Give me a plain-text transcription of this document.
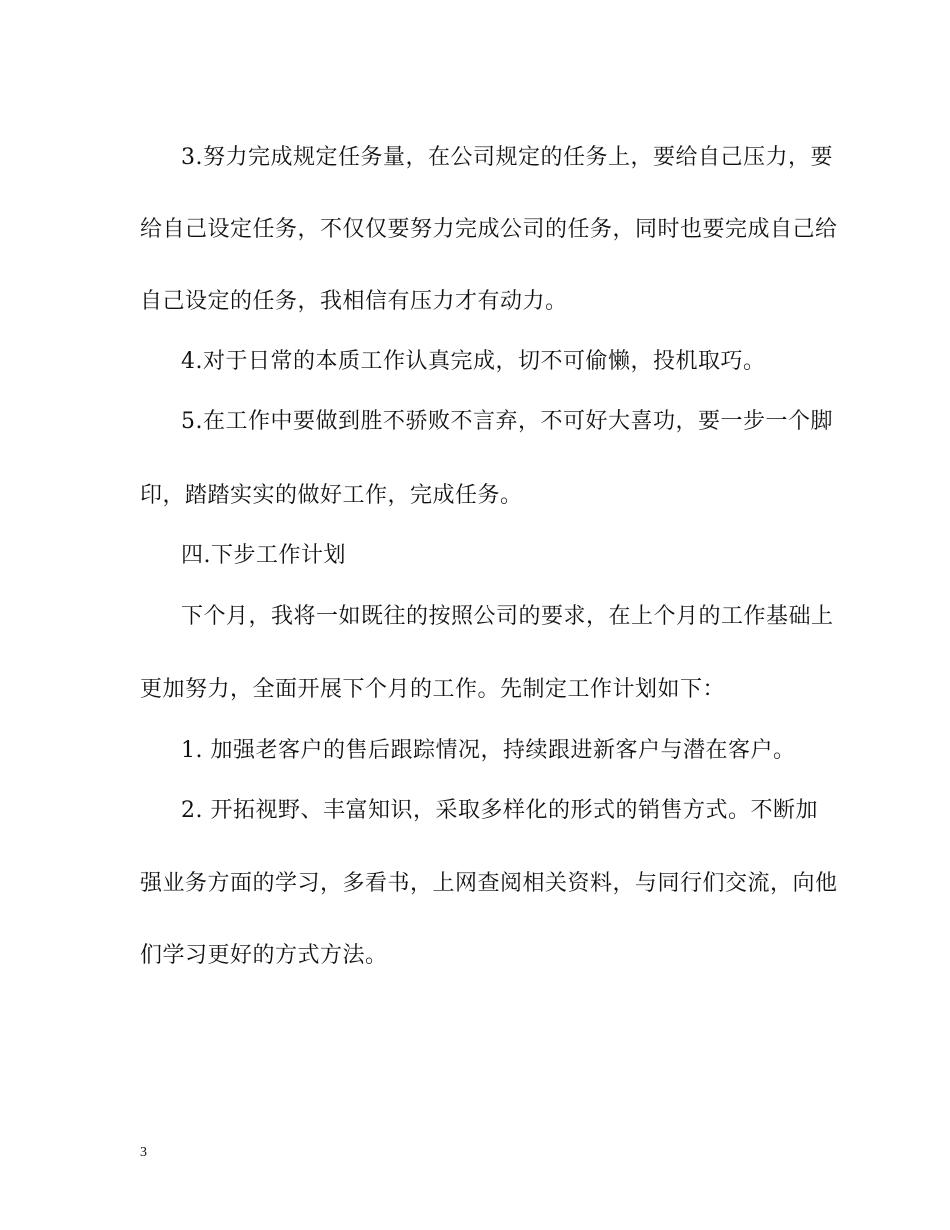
3.努力完成规定任务量，在公司规定的任务上，要给自己压力，要
给自己设定任务，不仅仅要努力完成公司的任务，同时也要完成自己给
自己设定的任务，我相信有压力才有动力。
4.对于日常的本质工作认真完成，切不可偷懒，投机取巧。
5.在工作中要做到胜不骄败不言弃，不可好大喜功，要一步一个脚
印，踏踏实实的做好工作，完成任务。
四.下步工作计划
下个月，我将一如既往的按照公司的要求，在上个月的工作基础上
更加努力，全面开展下个月的工作。先制定工作计划如下：
1. 加强老客户的售后跟踪情况，持续跟进新客户与潜在客户。
2. 开拓视野、丰富知识，采取多样化的形式的销售方式。不断加
强业务方面的学习，多看书，上网查阅相关资料，与同行们交流，向他
们学习更好的方式方法。
3
